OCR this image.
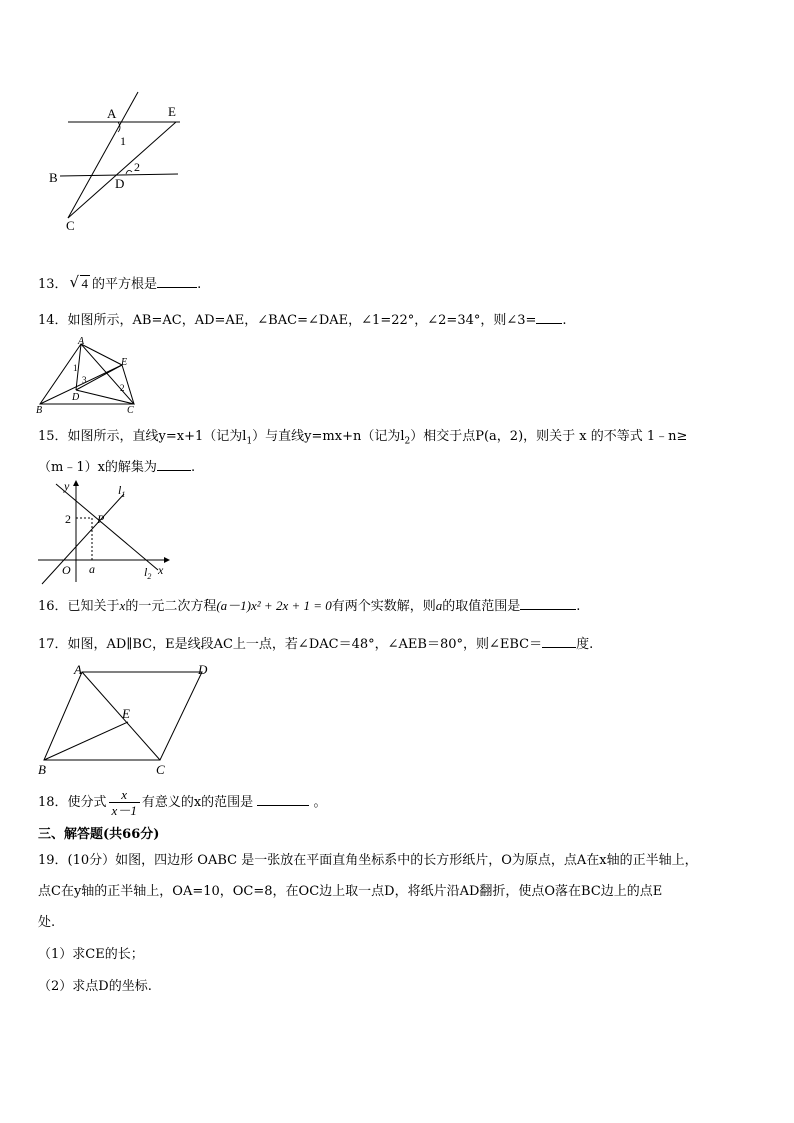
A	E
B	D
C
1
2
13． √ 4 的平方根是	.
14．如图所示，AB=AC，AD=AE，∠BAC=∠DAE，∠1=22°，∠2=34°，则∠3= .
A
E
B	C
D
1
2
3
15．如图所示，直线y=x+1（记为$l_1$）与直线y=mx+n（记为$l_2$）相交于点P(a，2)，则关于 x 的不等式 1﹣n≥
（m﹣1）x的解集为	.
y
x
O a
2 P
$l_1$
$l_2$
16．已知关于x的一元二次方程(a－1)x² + 2x + 1 = 0有两个实数解，则a的取值范围是	.
17．如图，AD∥BC，E是线段AC上一点，若∠DAC＝48°，∠AEB＝80°，则∠EBC＝	度.
A	D
E
B	C
18．使分式 $\frac{x}{x-1}$ 有意义的x的范围是	。
三、解答题(共66分)
19．(10分）如图，四边形 OABC 是一张放在平面直角坐标系中的长方形纸片，O为原点，点A在x轴的正半轴上，
点C在y轴的正半轴上，OA=10，OC=8，在OC边上取一点D，将纸片沿AD翻折，使点O落在BC边上的点E
处.
（1）求CE的长；
（2）求点D的坐标.
